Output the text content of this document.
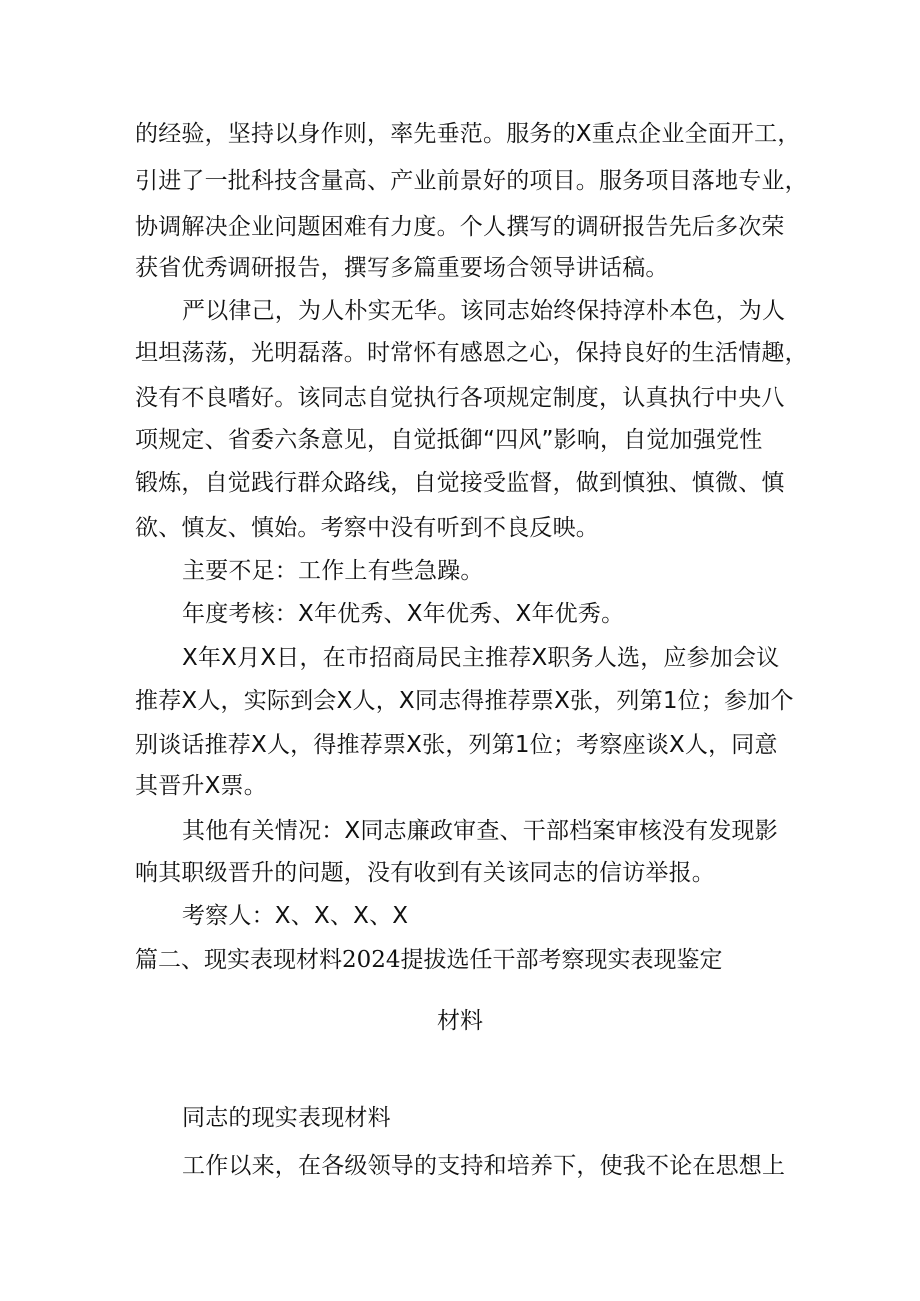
的经验，坚持以身作则，率先垂范。服务的X重点企业全面开工，
引进了一批科技含量高、产业前景好的项目。服务项目落地专业，
协调解决企业问题困难有力度。个人撰写的调研报告先后多次荣
获省优秀调研报告，撰写多篇重要场合领导讲话稿。
严以律己，为人朴实无华。该同志始终保持淳朴本色，为人
坦坦荡荡，光明磊落。时常怀有感恩之心，保持良好的生活情趣，
没有不良嗜好。该同志自觉执行各项规定制度，认真执行中央八
项规定、省委六条意见，自觉抵御“四风”影响，自觉加强党性
锻炼，自觉践行群众路线，自觉接受监督，做到慎独、慎微、慎
欲、慎友、慎始。考察中没有听到不良反映。
主要不足：工作上有些急躁。
年度考核：X年优秀、X年优秀、X年优秀。
X年X月X日，在市招商局民主推荐X职务人选，应参加会议
推荐X人，实际到会X人，X同志得推荐票X张，列第1位；参加个
别谈话推荐X人，得推荐票X张，列第1位；考察座谈X人，同意
其晋升X票。
其他有关情况：X同志廉政审查、干部档案审核没有发现影
响其职级晋升的问题，没有收到有关该同志的信访举报。
考察人：X、X、X、X
篇二、现实表现材料2024提拔选任干部考察现实表现鉴定
材料
同志的现实表现材料
工作以来，在各级领导的支持和培养下，使我不论在思想上
